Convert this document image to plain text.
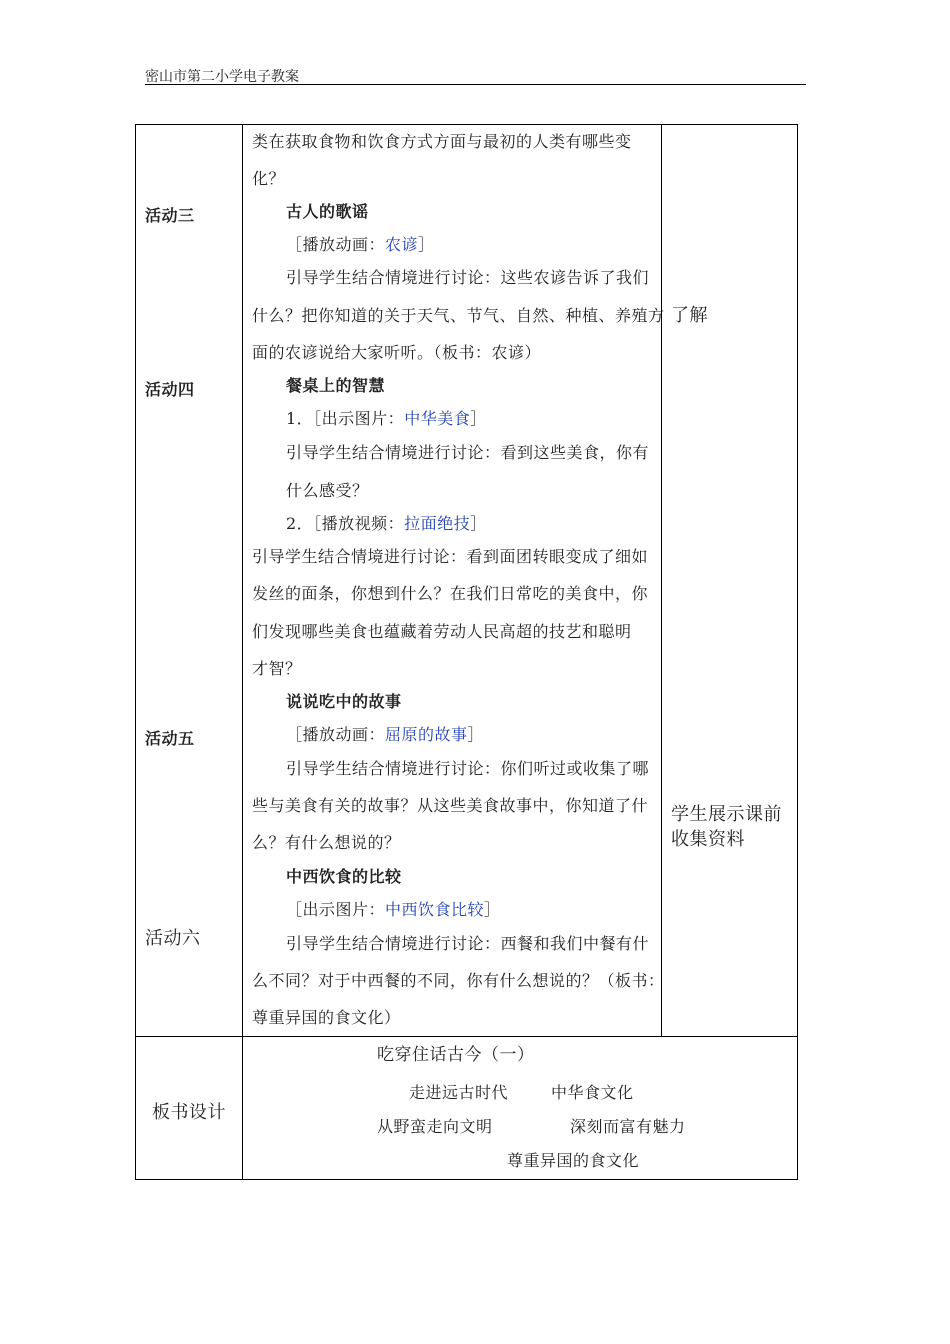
密山市第二小学电子教案
活动三
活动四
活动五
活动六
类在获取食物和饮食方式方面与最初的人类有哪些变
化？
古人的歌谣
［播放动画：农谚］
引导学生结合情境进行讨论：这些农谚告诉了我们
什么？把你知道的关于天气、节气、自然、种植、养殖方
面的农谚说给大家听听。（板书：农谚）
餐桌上的智慧
1．［出示图片：中华美食］
引导学生结合情境进行讨论：看到这些美食，你有
什么感受？
2．［播放视频：拉面绝技］
引导学生结合情境进行讨论：看到面团转眼变成了细如
发丝的面条，你想到什么？在我们日常吃的美食中，你
们发现哪些美食也蕴藏着劳动人民高超的技艺和聪明
才智？
说说吃中的故事
［播放动画：屈原的故事］
引导学生结合情境进行讨论：你们听过或收集了哪
些与美食有关的故事？从这些美食故事中，你知道了什
么？有什么想说的？
中西饮食的比较
［出示图片：中西饮食比较］
引导学生结合情境进行讨论：西餐和我们中餐有什
么不同？对于中西餐的不同，你有什么想说的？（板书：
尊重异国的食文化）
了解
学生展示课前
收集资料
板书设计
吃穿住话古今（一）
走进远古时代	中华食文化
从野蛮走向文明	深刻而富有魅力
尊重异国的食文化
